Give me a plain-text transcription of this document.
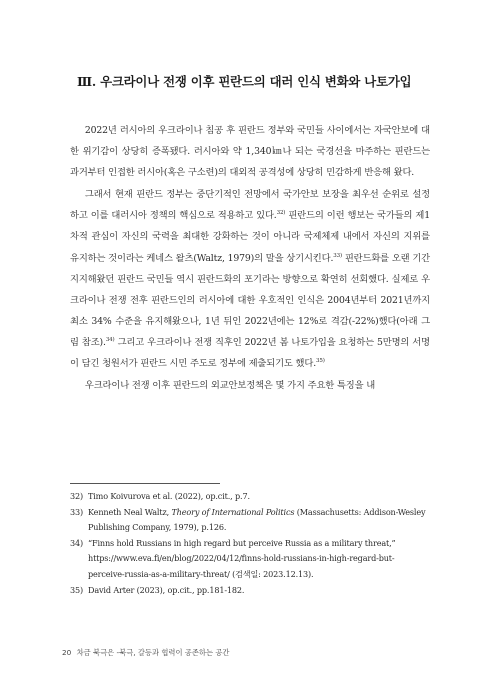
Ⅲ. 우크라이나 전쟁 이후 핀란드의 대러 인식 변화와 나토가입

2022년 러시아의 우크라이나 침공 후 핀란드 정부와 국민들 사이에서는 자국안보에 대한 위기감이 상당히 증폭됐다. 러시아와 약 1,340㎞나 되는 국경선을 마주하는 핀란드는 과거부터 인접한 러시아(혹은 구소련)의 대외적 공격성에 상당히 민감하게 반응해 왔다.

그래서 현재 핀란드 정부는 중단기적인 전망에서 국가안보 보장을 최우선 순위로 설정하고 이를 대러시아 정책의 핵심으로 적용하고 있다.$^{32)}$ 핀란드의 이런 행보는 국가들의 제1차적 관심이 자신의 국력을 최대한 강화하는 것이 아니라 국제체제 내에서 자신의 지위를 유지하는 것이라는 케네스 왈츠(Waltz, 1979)의 말을 상기시킨다.$^{33)}$ 핀란드화를 오랜 기간 지지해왔던 핀란드 국민들 역시 핀란드화의 포기라는 방향으로 확연히 선회했다. 실제로 우크라이나 전쟁 전후 핀란드인의 러시아에 대한 우호적인 인식은 2004년부터 2021년까지 최소 34% 수준을 유지해왔으나, 1년 뒤인 2022년에는 12%로 격감(-22%)했다(아래 그림 참조).$^{34)}$ 그리고 우크라이나 전쟁 직후인 2022년 봄 나토가입을 요청하는 5만명의 서명이 담긴 청원서가 핀란드 시민 주도로 정부에 제출되기도 했다.$^{35)}$

우크라이나 전쟁 이후 핀란드의 외교안보정책은 몇 가지 주요한 특징을 내

32) Timo Koivurova et al. (2022), op.cit., p.7.
33) Kenneth Neal Waltz, Theory of International Politics (Massachusetts: Addison-Wesley Publishing Company, 1979), p.126.
34) “Finns hold Russians in high regard but perceive Russia as a military threat,” https://www.eva.fi/en/blog/2022/04/12/finns-hold-russians-in-high-regard-but-perceive-russia-as-a-military-threat/ (검색일: 2023.12.13).
35) David Arter (2023), op.cit., pp.181-182.
20 차금 북극은 -북극, 갈등과 협력이 공존하는 공간
